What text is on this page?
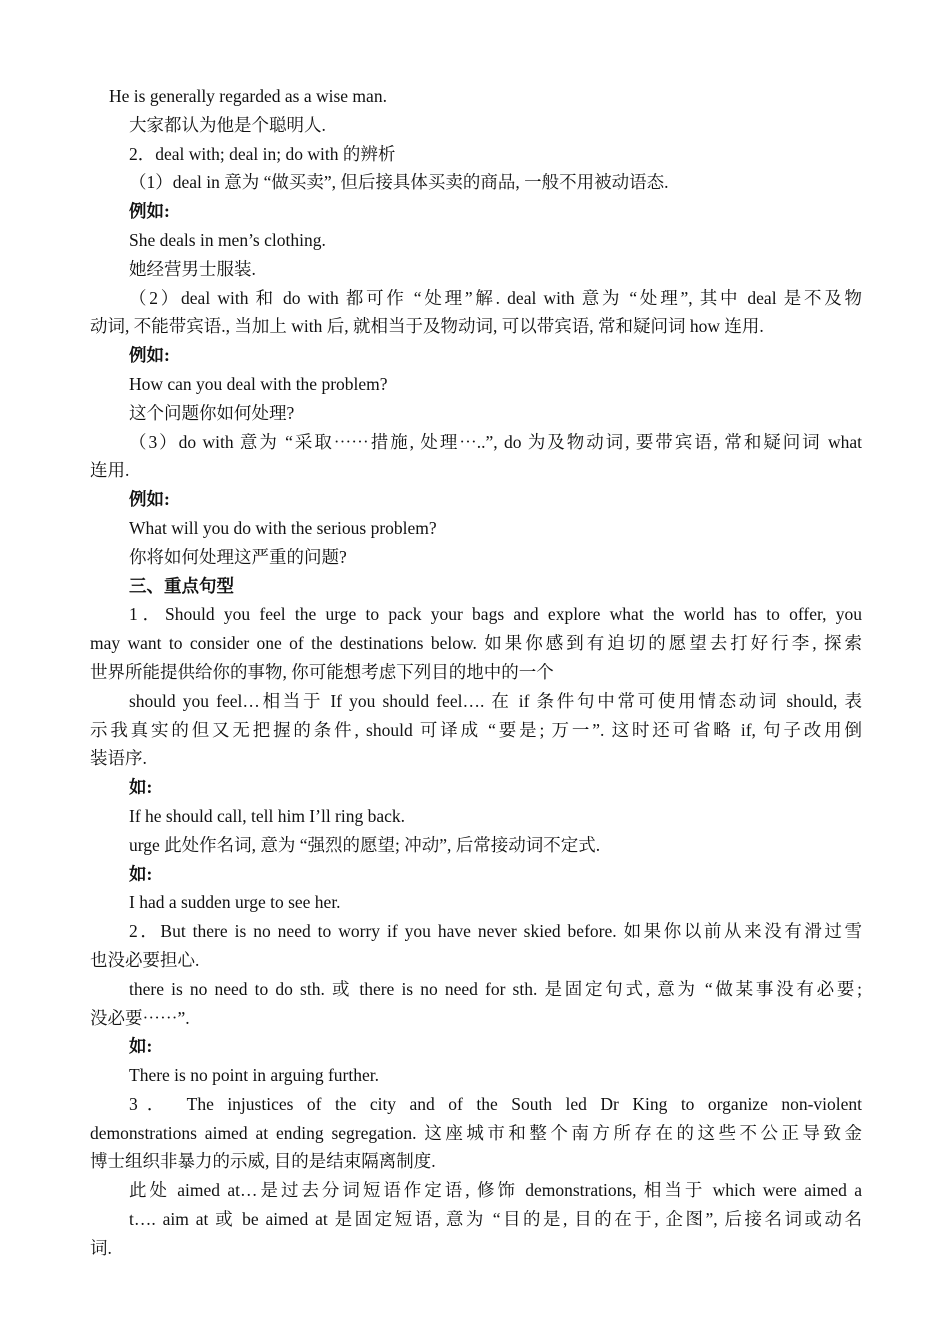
He is generally regarded as a wise man.
大家都认为他是个聪明人.
2．deal with; deal in; do with 的辨析
（1）deal in 意为 “做买卖”, 但后接具体买卖的商品, 一般不用被动语态.
例如:
She deals in men’s clothing.
她经营男士服装.
（2）deal with 和 do with 都可作 “处理”解. deal with 意为 “处理”, 其中 deal 是不及物
动词, 不能带宾语., 当加上 with 后, 就相当于及物动词, 可以带宾语, 常和疑问词 how 连用.
例如:
How can you deal with the problem?
这个问题你如何处理?
（3）do with 意为 “采取⋯⋯措施, 处理⋯..”, do 为及物动词, 要带宾语, 常和疑问词 what
连用.
例如:
What will you do with the serious problem?
你将如何处理这严重的问题?
三、重点句型
1．Should you feel the urge to pack your bags and explore what the world has to offer, you
may want to consider one of the destinations below. 如果你感到有迫切的愿望去打好行李, 探索
世界所能提供给你的事物, 你可能想考虑下列目的地中的一个
should you feel…相当于 If you should feel…. 在 if 条件句中常可使用情态动词 should, 表
示我真实的但又无把握的条件, should 可译成 “要是; 万一”. 这时还可省略 if, 句子改用倒
装语序.
如:
If he should call, tell him I’ll ring back.
urge 此处作名词, 意为 “强烈的愿望; 冲动”, 后常接动词不定式.
如:
I had a sudden urge to see her.
2．But there is no need to worry if you have never skied before. 如果你以前从来没有滑过雪
也没必要担心.
there is no need to do sth. 或 there is no need for sth. 是固定句式, 意为 “做某事没有必要;
没必要⋯⋯”.
如:
There is no point in arguing further.
3． The injustices of the city and of the South led Dr King to organize non-violent
demonstrations aimed at ending segregation. 这座城市和整个南方所存在的这些不公正导致金
博士组织非暴力的示威, 目的是结束隔离制度.
此处 aimed at…是过去分词短语作定语, 修饰 demonstrations, 相当于 which were aimed a
t…. aim at 或 be aimed at 是固定短语, 意为 “目的是, 目的在于, 企图”, 后接名词或动名
词.
